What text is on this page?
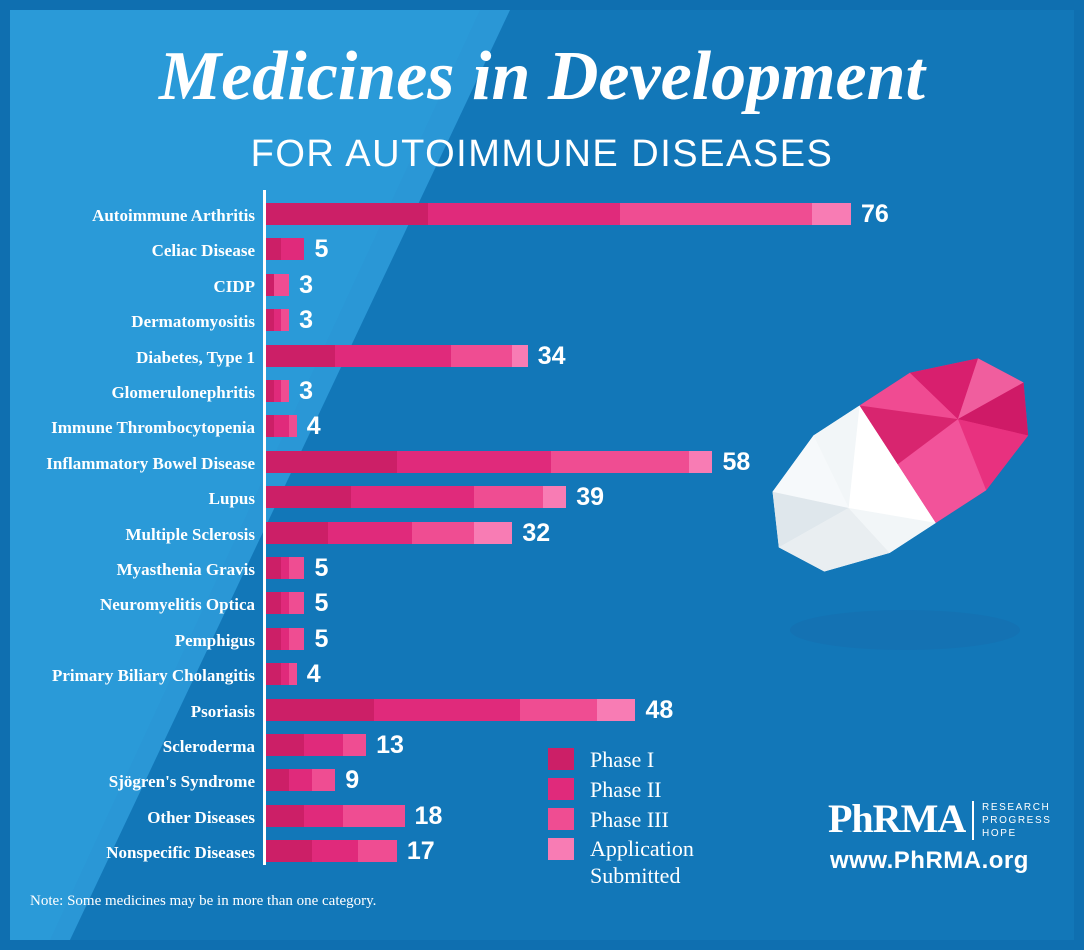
Medicines in Development
FOR AUTOIMMUNE DISEASES
Autoimmune Arthritis	76
Celiac Disease 5
CIDP 3
Dermatomyositis 3
Diabetes, Type 1	34
Glomerulonephritis 3
Immune Thrombocytopenia 4
Inflammatory Bowel Disease	58
Lupus	39
Multiple Sclerosis	32
Myasthenia Gravis 5
Neuromyelitis Optica 5
Pemphigus 5
Primary Biliary Cholangitis 4
Psoriasis	48
Scleroderma	13
Sjögren's Syndrome	9
Other Diseases	18
Nonspecific Diseases	17
Phase I
Phase II
Phase III
Application Submitted
Note: Some medicines may be in more than one category.
PhRMA	RESEARCH
PROGRESS
HOPE
www.PhRMA.org
